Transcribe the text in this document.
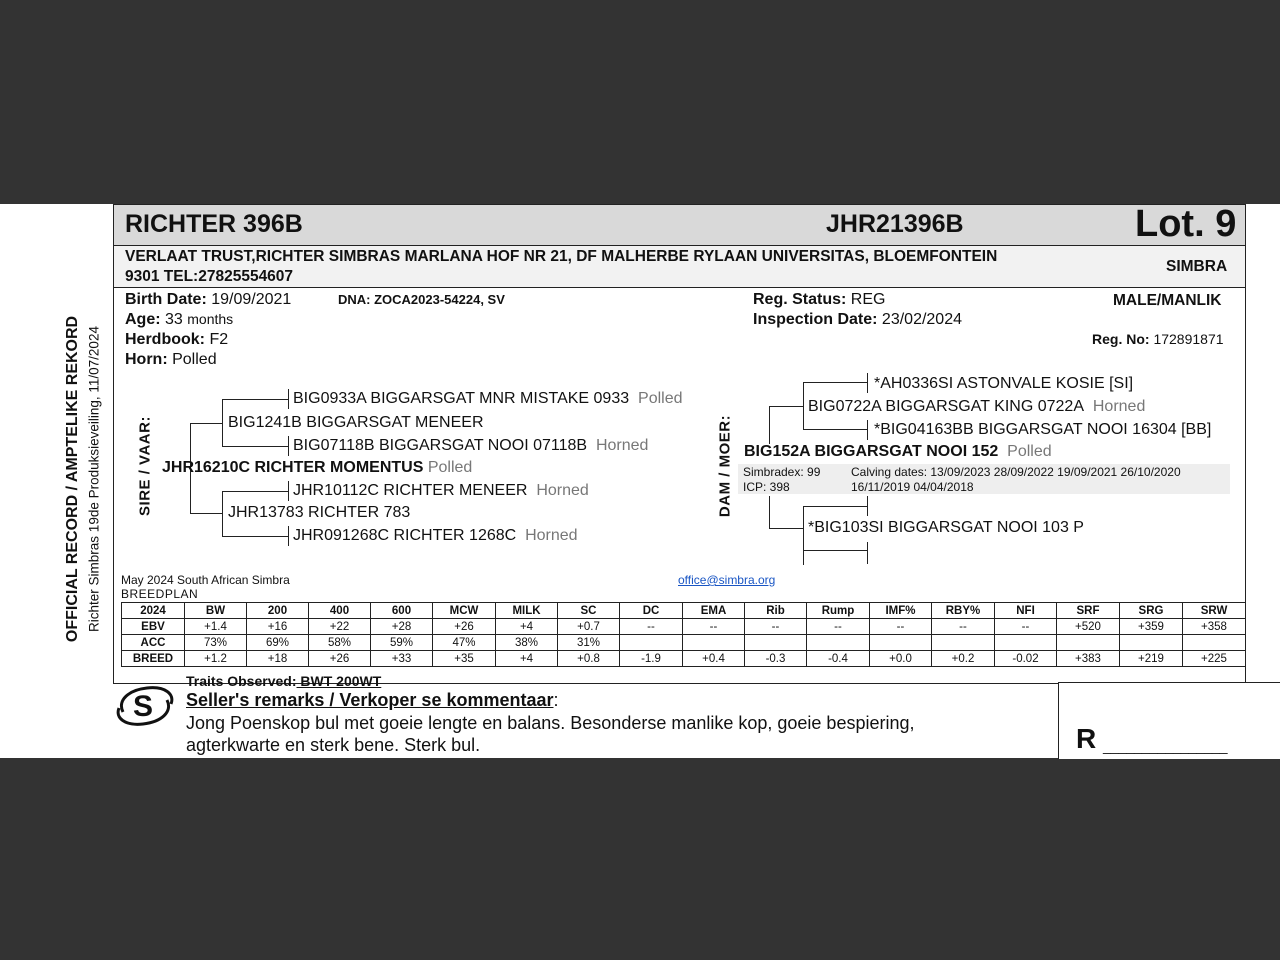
RICHTER 396B	JHR21396B	Lot. 9
VERLAAT TRUST,RICHTER SIMBRAS MARLANA HOF NR 21, DF MALHERBE RYLAAN UNIVERSITAS, BLOEMFONTEIN
9301 TEL:27825554607
SIMBRA
Birth Date: 19/09/2021	DNA: ZOCA2023-54224, SV
Age: 33 months
Herdbook: F2
Horn: Polled
Reg. Status: REG
Inspection Date: 23/02/2024
MALE/MANLIK
Reg. No: 172891871
OFFICIAL RECORD / AMPTELIKE REKORD Richter Simbras 19de Produksieveiling, 11/07/2024 SIRE / VAAR:
BIG0933A BIGGARSGAT MNR MISTAKE 0933 Polled
BIG1241B BIGGARSGAT MENEER
BIG07118B BIGGARSGAT NOOI 07118B Horned
JHR16210C RICHTER MOMENTUS Polled
JHR10112C RICHTER MENEER Horned
JHR13783 RICHTER 783
JHR091268C RICHTER 1268C Horned
DAM / MOER:
*AH0336SI ASTONVALE KOSIE [SI]
BIG0722A BIGGARSGAT KING 0722A Horned
*BIG04163BB BIGGARSGAT NOOI 16304 [BB]
BIG152A BIGGARSGAT NOOI 152 Polled
Simbradex: 99
ICP: 398
Calving dates: 13/09/2023 28/09/2022 19/09/2021 26/10/2020
16/11/2019 04/04/2018
*BIG103SI BIGGARSGAT NOOI 103 P
May 2024 South African Simbra
BREEDPLAN
office@simbra.org
2024	BW	200	400	600	MCW	MILK	SC	DC	EMA	Rib	Rump	IMF%	RBY%	NFI	SRF	SRG	SRW
EBV	+1.4	+16	+22	+28	+26	+4	+0.7	--	--	--	--	--	--	--	+520	+359	+358
ACC	73%	69%	58%	59%	47%	38%	31%										
BREED	+1.2	+18	+26	+33	+35	+4	+0.8	-1.9	+0.4	-0.3	-0.4	+0.0	+0.2	-0.02	+383	+219	+225
S
Traits Observed: BWT 200WT
Seller's remarks / Verkoper se kommentaar:
Jong Poenskop bul met goeie lengte en balans. Besonderse manlike kop, goeie bespiering,
agterkwarte en sterk bene. Sterk bul.	R ________________
